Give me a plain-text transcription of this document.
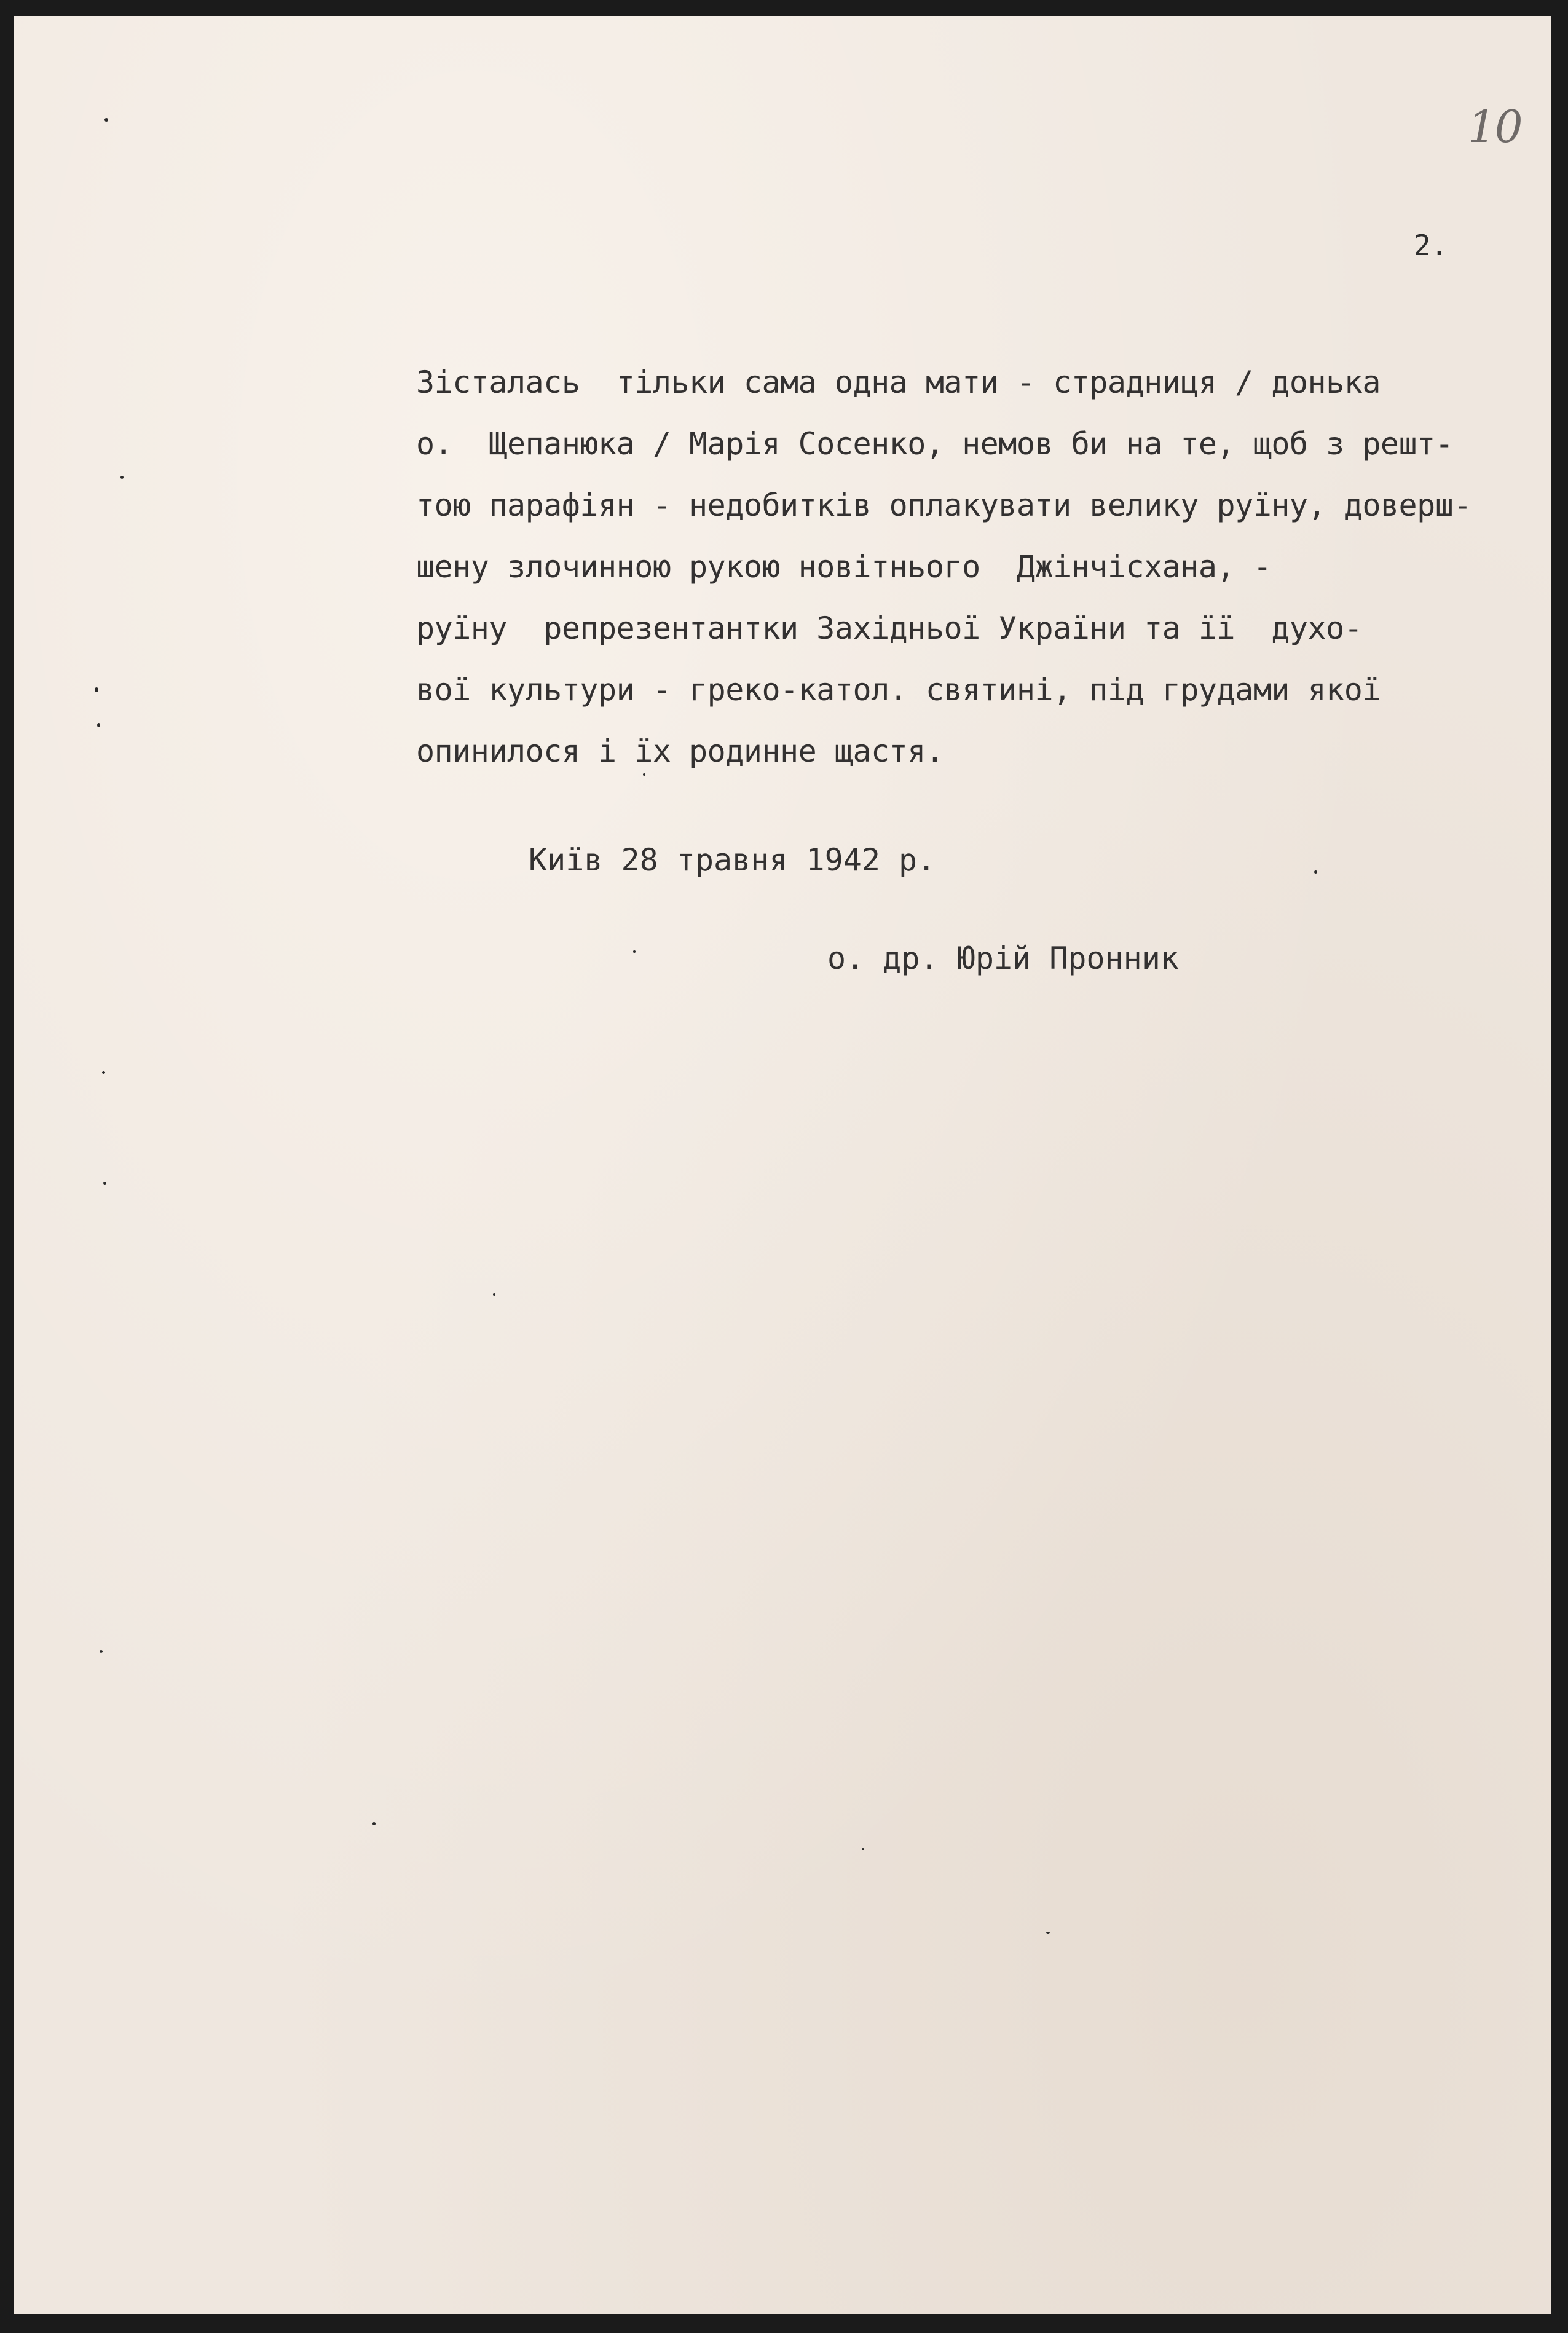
10
2.
Зісталась  тільки сама одна мати - страдниця / донька
о.  Щепанюка / Марія Сосенко, немов би на те, щоб з решт-
тою парафіян - недобитків оплакувати велику руїну, доверш-
шену злочинною рукою новітнього  Джінчісхана, -
руїну  репрезентантки Західньої України та її  духо-
вої культури - греко-катол. святині, під грудами якої
опинилося і їх родинне щастя.
Київ 28 травня 1942 р.
о. др. Юрій Пронник
